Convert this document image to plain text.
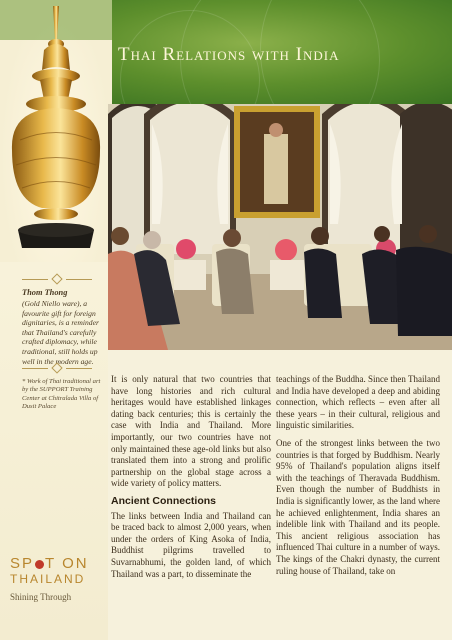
Thai Relations with India
Thom Thong
(Gold Niello ware), a favourite gift for foreign dignitaries, is a reminder that Thailand's carefully crafted diplomacy, while traditional, still holds up well in the modern age.
* Work of Thai traditional art by the SUPPORT Training Center at Chitralada Villa of Dusit Palace
SP T ON
THAILAND
Shining Through

It is only natural that two countries that have long histories and rich cultural heritages would have established linkages dating back centuries; this is certainly the case with India and Thailand. More importantly, our two countries have not only maintained these age-old links but also translated them into a strong and prolific partnership on the global stage across a wide variety of policy matters.

Ancient Connections

The links between India and Thailand can be traced back to almost 2,000 years, when under the orders of King Asoka of India, Buddhist pilgrims travelled to Suvarnabhumi, the golden land, of which Thailand was a part, to disseminate the

teachings of the Buddha. Since then Thailand and India have developed a deep and abiding connection, which reflects – even after all these years – in their cultural, religious and linguistic similarities.

One of the strongest links between the two countries is that forged by Buddhism. Nearly 95% of Thailand's population aligns itself with the teachings of Theravada Buddhism. Even though the number of Buddhists in India is significantly lower, as the land where he achieved enlightenment, India shares an indelible link with Thailand and its people. This ancient religious association has influenced Thai culture in a number of ways. The kings of the Chakri dynasty, the current ruling house of Thailand, take on
